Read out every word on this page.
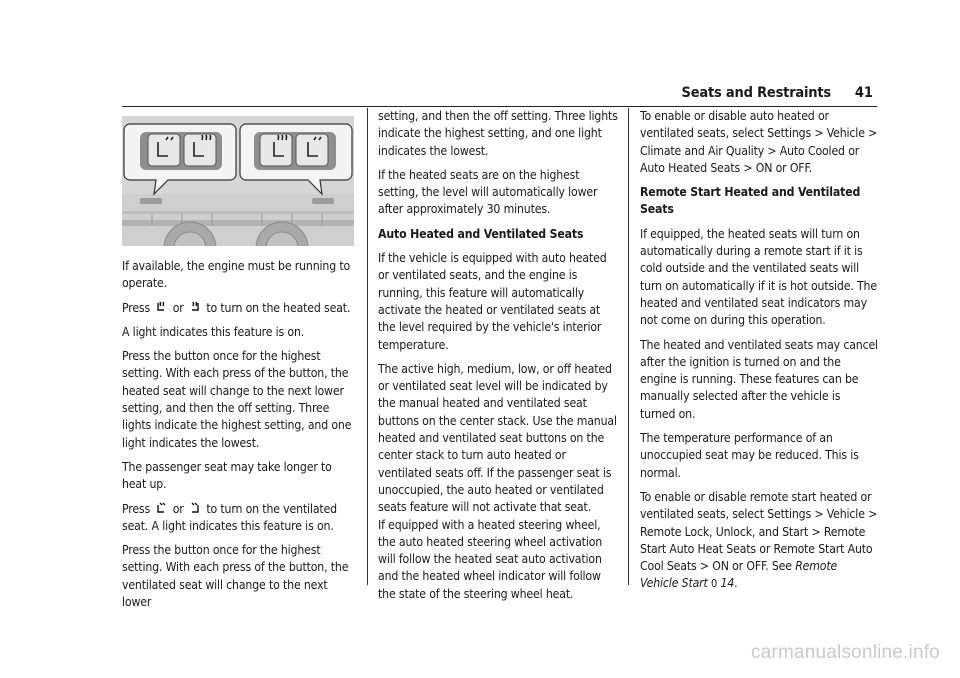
Seats and Restraints 41

If available, the engine must be running to operate.

Press or to turn on the heated seat.

A light indicates this feature is on.

Press the button once for the highest setting. With each press of the button, the heated seat will change to the next lower setting, and then the off setting. Three lights indicate the highest setting, and one light indicates the lowest.

The passenger seat may take longer to heat up.

Press or to turn on the ventilated seat. A light indicates this feature is on.

Press the button once for the highest setting. With each press of the button, the ventilated seat will change to the next lower

setting, and then the off setting. Three lights indicate the highest setting, and one light indicates the lowest.

If the heated seats are on the highest setting, the level will automatically lower after approximately 30 minutes.

Auto Heated and Ventilated Seats

If the vehicle is equipped with auto heated or ventilated seats, and the engine is running, this feature will automatically activate the heated or ventilated seats at the level required by the vehicle's interior temperature.

The active high, medium, low, or off heated or ventilated seat level will be indicated by the manual heated and ventilated seat buttons on the center stack. Use the manual heated and ventilated seat buttons on the center stack to turn auto heated or ventilated seats off. If the passenger seat is unoccupied, the auto heated or ventilated seats feature will not activate that seat.

If equipped with a heated steering wheel, the auto heated steering wheel activation will follow the heated seat auto activation and the heated wheel indicator will follow the state of the steering wheel heat.

To enable or disable auto heated or ventilated seats, select Settings > Vehicle > Climate and Air Quality > Auto Cooled or Auto Heated Seats > ON or OFF.

Remote Start Heated and Ventilated Seats

If equipped, the heated seats will turn on automatically during a remote start if it is cold outside and the ventilated seats will turn on automatically if it is hot outside. The heated and ventilated seat indicators may not come on during this operation.

The heated and ventilated seats may cancel after the ignition is turned on and the engine is running. These features can be manually selected after the vehicle is turned on.

The temperature performance of an unoccupied seat may be reduced. This is normal.

To enable or disable remote start heated or ventilated seats, select Settings > Vehicle > Remote Lock, Unlock, and Start > Remote Start Auto Heat Seats or Remote Start Auto Cool Seats > ON or OFF. See Remote Vehicle Start 0 14.

carmanualsonline.info
